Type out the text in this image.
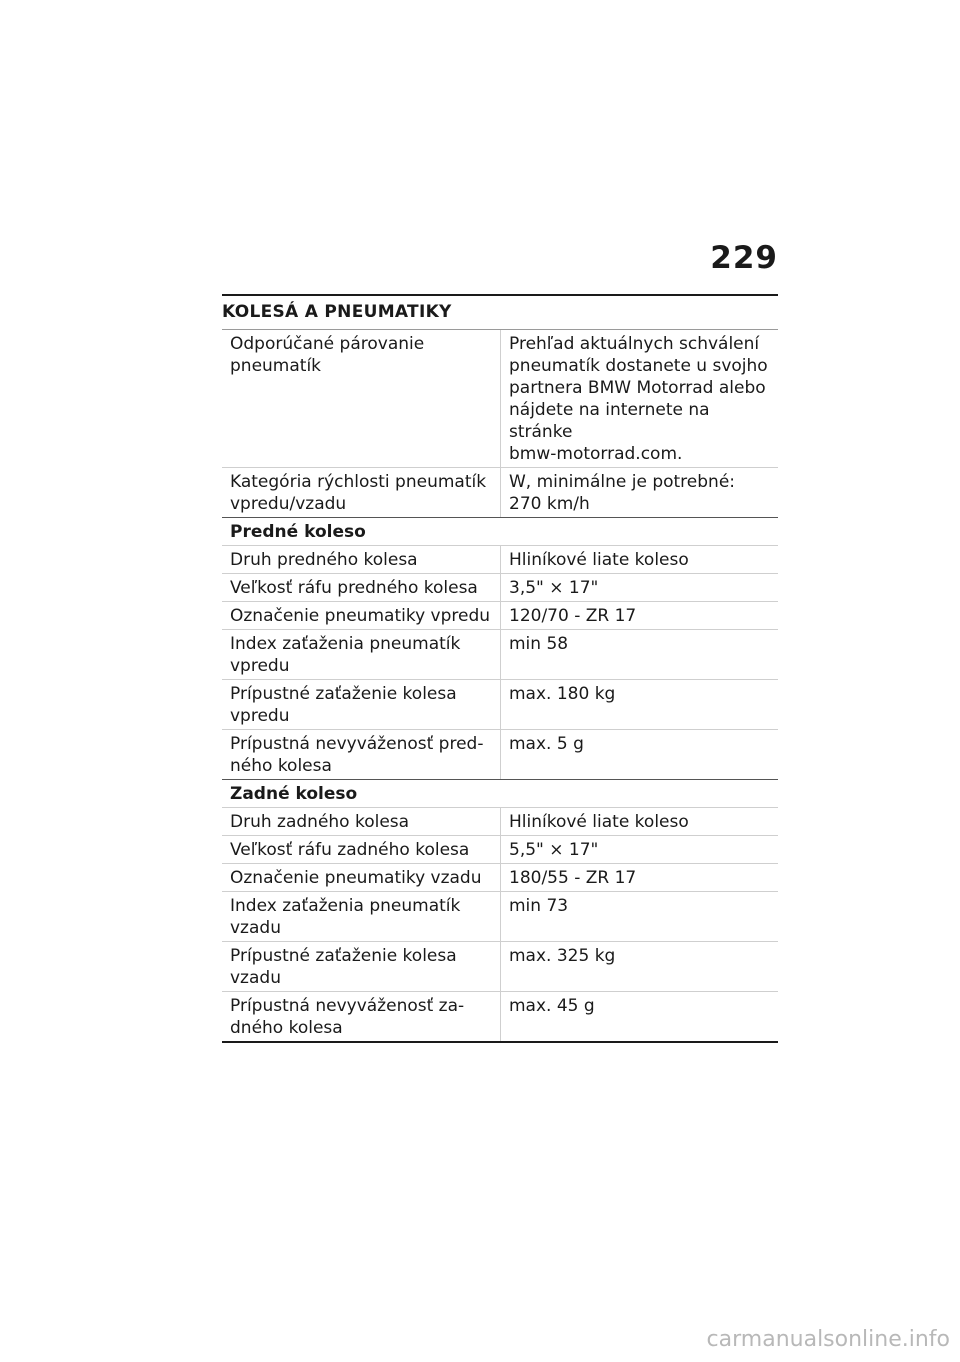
229
KOLESÁ A PNEUMATIKY
Odporúčané párovanie
pneumatík	Prehľad aktuálnych schválení
pneumatík dostanete u svojho
partnera BMW Motorrad alebo
nájdete na internete na stránke
bmw-motorrad.com.

Kategória rýchlosti pneumatík
vpredu/vzadu	W, minimálne je potrebné:
270 km/h

Predné koleso	

Druh predného kolesa	Hliníkové liate koleso

Veľkosť ráfu predného kolesa	3,5" × 17"

Označenie pneumatiky vpredu	120/70 - ZR 17

Index zaťaženia pneumatík
vpredu	min 58

Prípustné zaťaženie kolesa
vpredu	max. 180 kg

Prípustná nevyváženosť pred-
ného kolesa	max. 5 g

Zadné koleso	

Druh zadného kolesa	Hliníkové liate koleso

Veľkosť ráfu zadného kolesa	5,5" × 17"

Označenie pneumatiky vzadu	180/55 - ZR 17

Index zaťaženia pneumatík
vzadu	min 73

Prípustné zaťaženie kolesa
vzadu	max. 325 kg

Prípustná nevyváženosť za-
dného kolesa	max. 45 g
carmanualsonline.info
